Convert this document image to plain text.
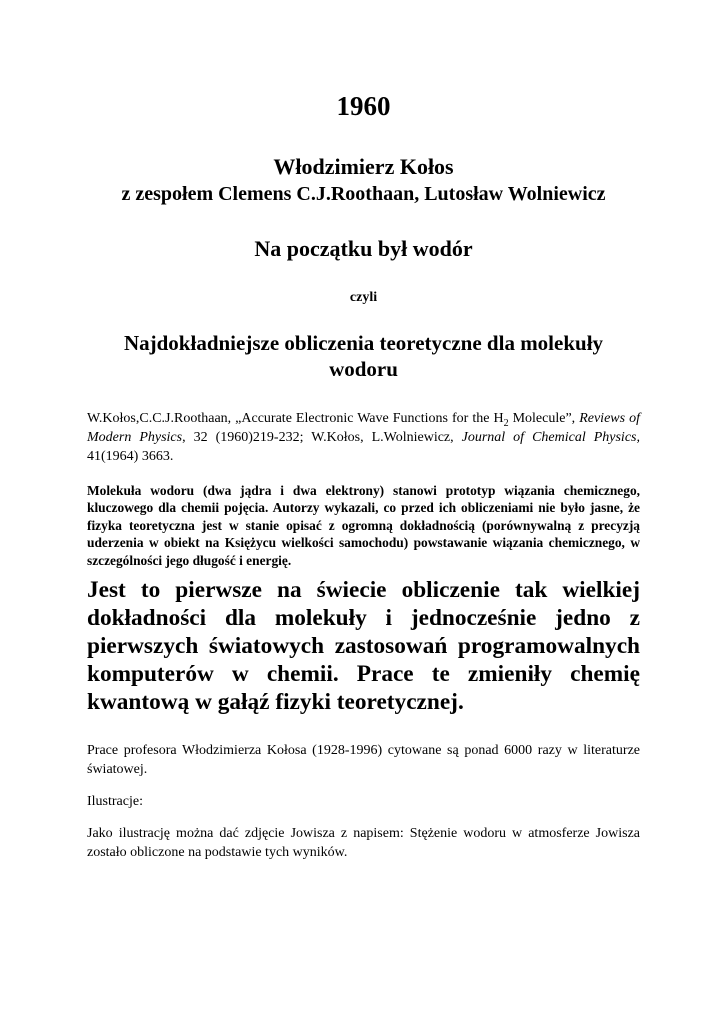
1960
Włodzimierz Kołos
z zespołem Clemens C.J.Roothaan, Lutosław Wolniewicz
Na początku był wodór
czyli
Najdokładniejsze obliczenia teoretyczne dla molekuły wodoru

W.Kołos,C.C.J.Roothaan, „Accurate Electronic Wave Functions for the $H_2$ Molecule”, Reviews of Modern Physics, 32 (1960)219-232; W.Kołos, L.Wolniewicz, Journal of Chemical Physics, 41(1964) 3663.

Molekuła wodoru (dwa jądra i dwa elektrony) stanowi prototyp wiązania chemicznego, kluczowego dla chemii pojęcia. Autorzy wykazali, co przed ich obliczeniami nie było jasne, że fizyka teoretyczna jest w stanie opisać z ogromną dokładnością (porównywalną z precyzją uderzenia w obiekt na Księżycu wielkości samochodu) powstawanie wiązania chemicznego, w szczególności jego długość i energię.

Jest to pierwsze na świecie obliczenie tak wielkiej dokładności dla molekuły i jednocześnie jedno z pierwszych światowych zastosowań programowalnych komputerów w chemii. Prace te zmieniły chemię kwantową w gałąź fizyki teoretycznej.

Prace profesora Włodzimierza Kołosa (1928-1996) cytowane są ponad 6000 razy w literaturze światowej.

Ilustracje:

Jako ilustrację można dać zdjęcie Jowisza z napisem: Stężenie wodoru w atmosferze Jowisza zostało obliczone na podstawie tych wyników.
